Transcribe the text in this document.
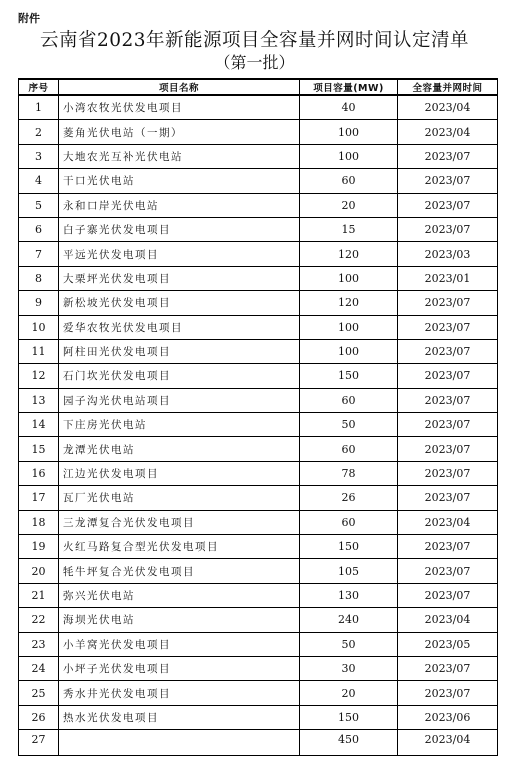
附件
云南省2023年新能源项目全容量并网时间认定清单
（第一批）
序号	项目名称	项目容量(MW)	全容量并网时间
1	小湾农牧光伏发电项目	40	2023/04
2	菱角光伏电站（一期）	100	2023/04
3	大地农光互补光伏电站	100	2023/07
4	干口光伏电站	60	2023/07
5	永和口岸光伏电站	20	2023/07
6	白子寨光伏发电项目	15	2023/07
7	平远光伏发电项目	120	2023/03
8	大栗坪光伏发电项目	100	2023/01
9	新松坡光伏发电项目	120	2023/07
10	爱华农牧光伏发电项目	100	2023/07
11	阿柱田光伏发电项目	100	2023/07
12	石门坎光伏发电项目	150	2023/07
13	园子沟光伏电站项目	60	2023/07
14	下庄房光伏电站	50	2023/07
15	龙潭光伏电站	60	2023/07
16	江边光伏发电项目	78	2023/07
17	瓦厂光伏电站	26	2023/07
18	三龙潭复合光伏发电项目	60	2023/04
19	火红马路复合型光伏发电项目	150	2023/07
20	牦牛坪复合光伏发电项目	105	2023/07
21	弥兴光伏电站	130	2023/07
22	海坝光伏电站	240	2023/04
23	小羊窝光伏发电项目	50	2023/05
24	小坪子光伏发电项目	30	2023/07
25	秀水井光伏发电项目	20	2023/07
26	热水光伏发电项目	150	2023/06
27		450	2023/04
